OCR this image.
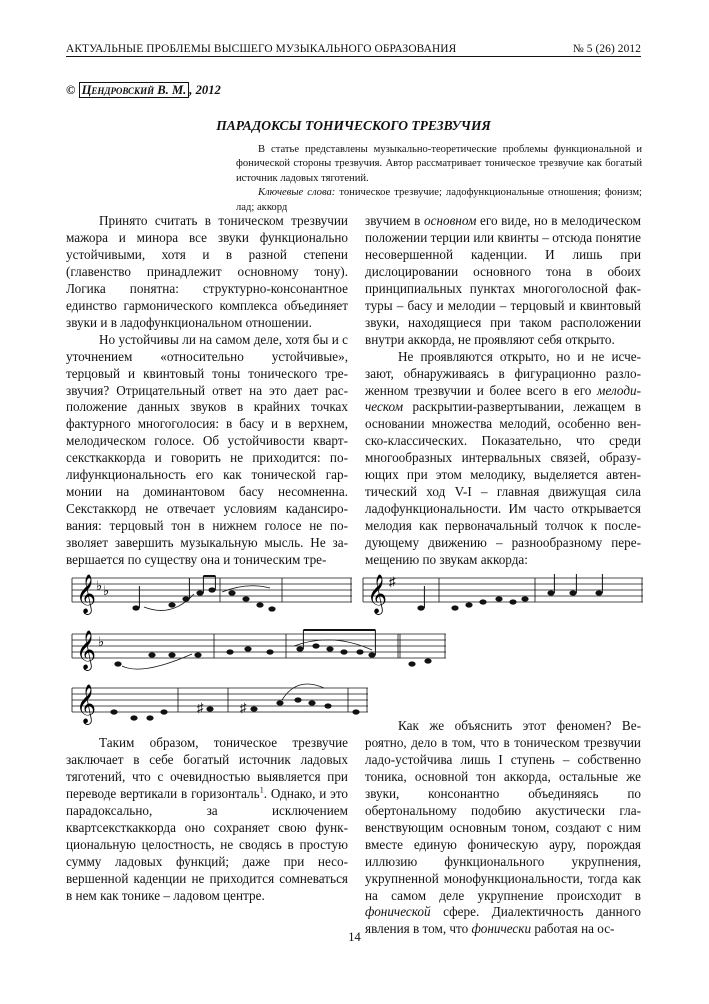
АКТУАЛЬНЫЕ ПРОБЛЕМЫ ВЫСШЕГО МУЗЫКАЛЬНОГО ОБРАЗОВАНИЯ	№ 5 (26) 2012
© Цендровский В. М. , 2012
ПАРАДОКСЫ ТОНИЧЕСКОГО ТРЕЗВУЧИЯ

В статье представлены музыкально-теоретические проблемы функциональной и фонической стороны трезвучия. Автор рассматривает тоническое трезвучие как богатый источник ладовых тяготений.

Ключевые слова: тоническое трезвучие; ладофункциональные отношения; фонизм; лад; аккорд

Принято считать в тоническом трезвучии мажора и минора все звуки функционально устойчивыми, хотя и в разной степени (главенство принадлежит основному тону). Логика понятна: структурно-консонантное единство гармонического комплекса объединяет звуки и в ладофункциональном отношении.

Но устойчивы ли на самом деле, хотя бы и с уточнением «относительно устойчивые», терцовый и квинтовый тоны тонического трезвучия? Отрицательный ответ на это дает расположение данных звуков в крайних точках фактурного многоголосия: в басу и в верхнем, мелодическом голосе. Об устойчивости квартсексткаккорда и говорить не приходится: полифункциональность его как тонической гармонии на доминантовом басу несомненна. Секстаккорд не отвечает условиям кадансирования: терцовый тон в нижнем голосе не позволяет завершить музыкальную мысль. Не завершается по существу она и тоническим тре-

звучием в основном его виде, но в мелодическом положении терции или квинты – отсюда понятие несовершенной каденции. И лишь при дислоцировании основного тона в обоих принципиальных пунктах многоголосной фактуры – басу и мелодии – терцовый и квинтовый звуки, находящиеся при таком расположении внутри аккорда, не проявляют себя открыто.

Не проявляются открыто, но и не исчезают, обнаруживаясь в фигурационно разложенном трезвучии и более всего в его мелодическом раскрытии-развертывании, лежащем в основании множества мелодий, особенно венско-классических. Показательно, что среди многообразных интервальных связей, образующих при этом мелодику, выделяется автентический ход V-I – главная движущая сила ладофункциональности. Им часто открывается мелодия как первоначальный толчок к последующему движению – разнообразному перемещению по звукам аккорда:

𝄞 ♭ ♭	𝄞 ♯
𝄞 ♭
𝄞	♯	♯

Таким образом, тоническое трезвучие заключает в себе богатый источник ладовых тяготений, что с очевидностью выявляется при переводе вертикали в горизонталь$^1$. Однако, и это парадоксально, за исключением квартсексткаккорда оно сохраняет свою функциональную целостность, не сводясь в простую сумму ладовых функций; даже при несовершенной каденции не приходится сомневаться в нем как тонике – ладовом центре.

Как же объяснить этот феномен? Вероятно, дело в том, что в тоническом трезвучии ладо-устойчива лишь I ступень – собственно тоника, основной тон аккорда, остальные же звуки, консонантно объединяясь по обертональному подобию акустически главенствующим основным тоном, создают с ним вместе единую фоническую ауру, порождая иллюзию функционального укрупнения, укрупненной монофункциональности, тогда как на самом деле укрупнение происходит в фонической сфере. Диалектичность данного явления в том, что фонически работая на ос-

14
